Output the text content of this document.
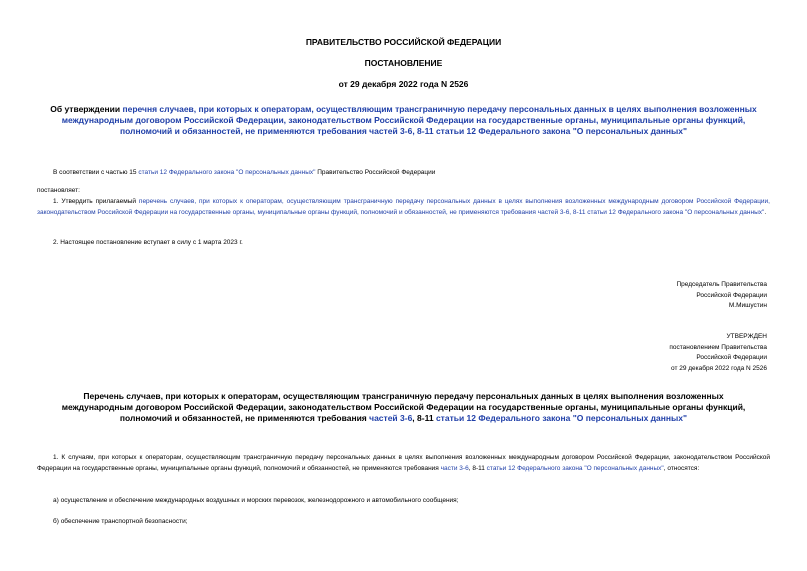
ПРАВИТЕЛЬСТВО РОССИЙСКОЙ ФЕДЕРАЦИИ
ПОСТАНОВЛЕНИЕ
от 29 декабря 2022 года N 2526
Об утверждении перечня случаев, при которых к операторам, осуществляющим трансграничную передачу персональных данных в целях выполнения возложенных международным договором Российской Федерации, законодательством Российской Федерации на государственные органы, муниципальные органы функций, полномочий и обязанностей, не применяются требования частей 3-6, 8-11 статьи 12 Федерального закона "О персональных данных"
В соответствии с частью 15 статьи 12 Федерального закона "О персональных данных" Правительство Российской Федерации
постановляет:
1. Утвердить прилагаемый перечень случаев, при которых к операторам, осуществляющим трансграничную передачу персональных данных в целях выполнения возложенных международным договором Российской Федерации, законодательством Российской Федерации на государственные органы, муниципальные органы функций, полномочий и обязанностей, не применяются требования частей 3-6, 8-11 статьи 12 Федерального закона "О персональных данных".
2. Настоящее постановление вступает в силу с 1 марта 2023 г.
Председатель Правительства
Российской Федерации
М.Мишустин
УТВЕРЖДЕН
постановлением Правительства
Российской Федерации
от 29 декабря 2022 года N 2526
Перечень случаев, при которых к операторам, осуществляющим трансграничную передачу персональных данных в целях выполнения возложенных международным договором Российской Федерации, законодательством Российской Федерации на государственные органы, муниципальные органы функций, полномочий и обязанностей, не применяются требования частей 3-6, 8-11 статьи 12 Федерального закона "О персональных данных"
1. К случаям, при которых к операторам, осуществляющим трансграничную передачу персональных данных в целях выполнения возложенных международным договором Российской Федерации, законодательством Российской Федерации на государственные органы, муниципальные органы функций, полномочий и обязанностей, не применяются требования части 3-6, 8-11 статьи 12 Федерального закона "О персональных данных", относятся:
а) осуществление и обеспечение международных воздушных и морских перевозок, железнодорожного и автомобильного сообщения;
б) обеспечение транспортной безопасности;
